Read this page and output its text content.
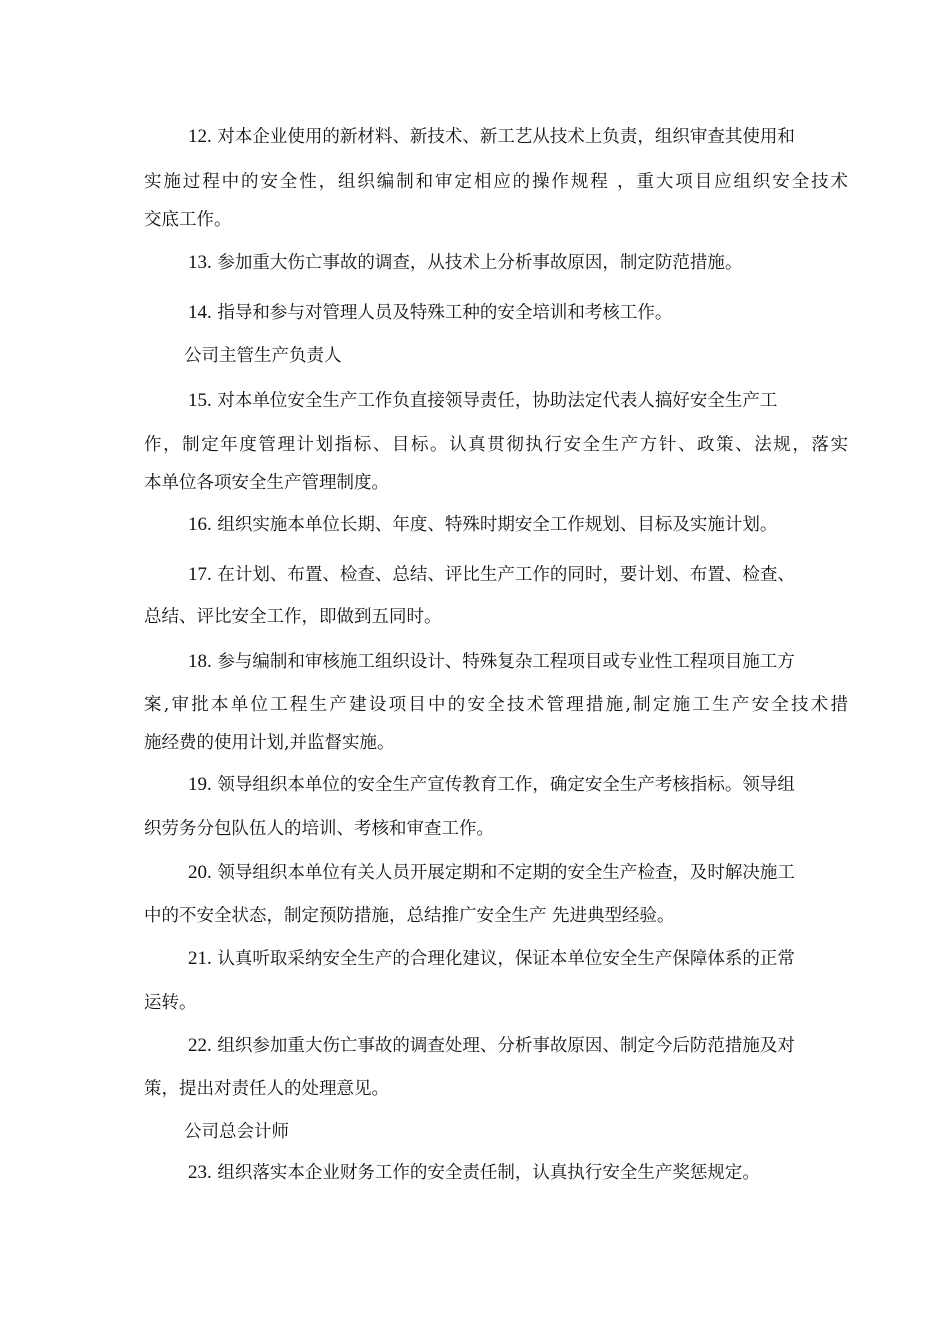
12. 对本企业使用的新材料、新技术、新工艺从技术上负责，组织审查其使用和
实施过程中的安全性，组织编制和审定相应的操作规程 ，重大项目应组织安全技术
交底工作。
13. 参加重大伤亡事故的调查，从技术上分析事故原因，制定防范措施。
14. 指导和参与对管理人员及特殊工种的安全培训和考核工作。
公司主管生产负责人
15. 对本单位安全生产工作负直接领导责任，协助法定代表人搞好安全生产工
作，制定年度管理计划指标、目标。认真贯彻执行安全生产方针、政策、法规，落实
本单位各项安全生产管理制度。
16. 组织实施本单位长期、年度、特殊时期安全工作规划、目标及实施计划。
17. 在计划、布置、检查、总结、评比生产工作的同时，要计划、布置、检查、
总结、评比安全工作，即做到五同时。
18. 参与编制和审核施工组织设计、特殊复杂工程项目或专业性工程项目施工方
案,审批本单位工程生产建设项目中的安全技术管理措施,制定施工生产安全技术措
施经费的使用计划,并监督实施。
19. 领导组织本单位的安全生产宣传教育工作，确定安全生产考核指标。领导组
织劳务分包队伍人的培训、考核和审查工作。
20. 领导组织本单位有关人员开展定期和不定期的安全生产检查，及时解决施工
中的不安全状态，制定预防措施，总结推广安全生产 先进典型经验。
21. 认真听取采纳安全生产的合理化建议，保证本单位安全生产保障体系的正常
运转。
22. 组织参加重大伤亡事故的调查处理、分析事故原因、制定今后防范措施及对
策，提出对责任人的处理意见。
公司总会计师
23. 组织落实本企业财务工作的安全责任制，认真执行安全生产奖惩规定。
